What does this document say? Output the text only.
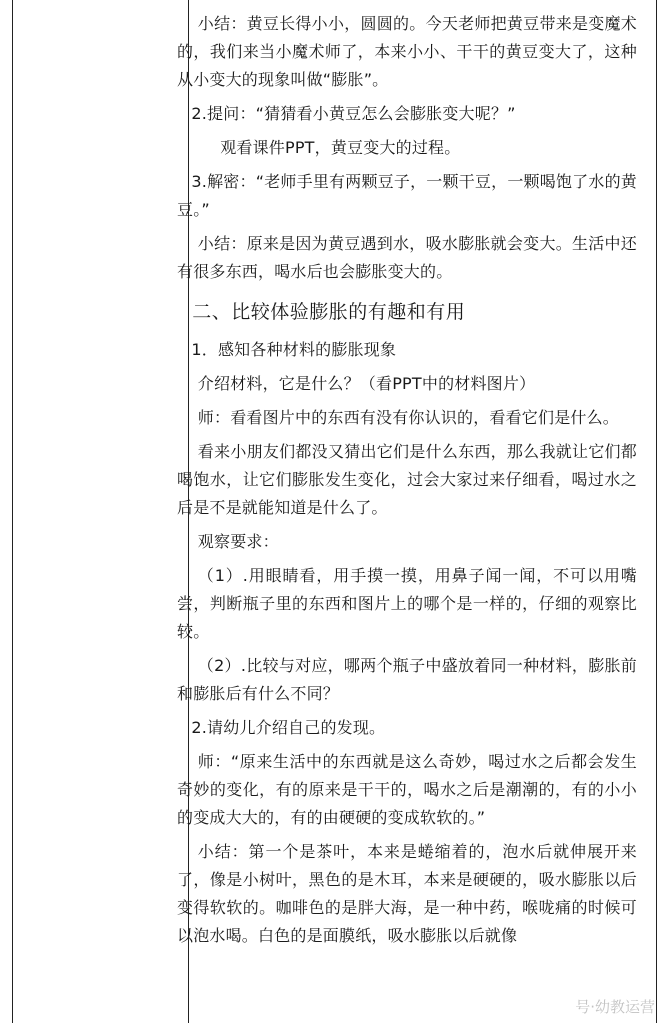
小结：黄豆长得小小，圆圆的。今天老师把黄豆带来是变魔术的，我们来当小魔术师了，本来小小、干干的黄豆变大了，这种从小变大的现象叫做“膨胀”。

2.提问：“猜猜看小黄豆怎么会膨胀变大呢？”

观看课件PPT，黄豆变大的过程。

3.解密：“老师手里有两颗豆子，一颗干豆，一颗喝饱了水的黄豆。”

小结：原来是因为黄豆遇到水，吸水膨胀就会变大。生活中还有很多东西，喝水后也会膨胀变大的。

二、比较体验膨胀的有趣和有用

1．感知各种材料的膨胀现象

介绍材料，它是什么？（看PPT中的材料图片）

师：看看图片中的东西有没有你认识的，看看它们是什么。

看来小朋友们都没又猜出它们是什么东西，那么我就让它们都喝饱水，让它们膨胀发生变化，过会大家过来仔细看，喝过水之后是不是就能知道是什么了。

观察要求：

（1）.用眼睛看，用手摸一摸，用鼻子闻一闻，不可以用嘴尝，判断瓶子里的东西和图片上的哪个是一样的，仔细的观察比较。

（2）.比较与对应，哪两个瓶子中盛放着同一种材料，膨胀前和膨胀后有什么不同？

2.请幼儿介绍自己的发现。

师：“原来生活中的东西就是这么奇妙，喝过水之后都会发生奇妙的变化，有的原来是干干的，喝水之后是潮潮的，有的小小的变成大大的，有的由硬硬的变成软软的。”

小结：第一个是茶叶，本来是蜷缩着的，泡水后就伸展开来了，像是小树叶，黑色的是木耳，本来是硬硬的，吸水膨胀以后变得软软的。咖啡色的是胖大海，是一种中药，喉咙痛的时候可以泡水喝。白色的是面膜纸，吸水膨胀以后就像

号·幼教运营
